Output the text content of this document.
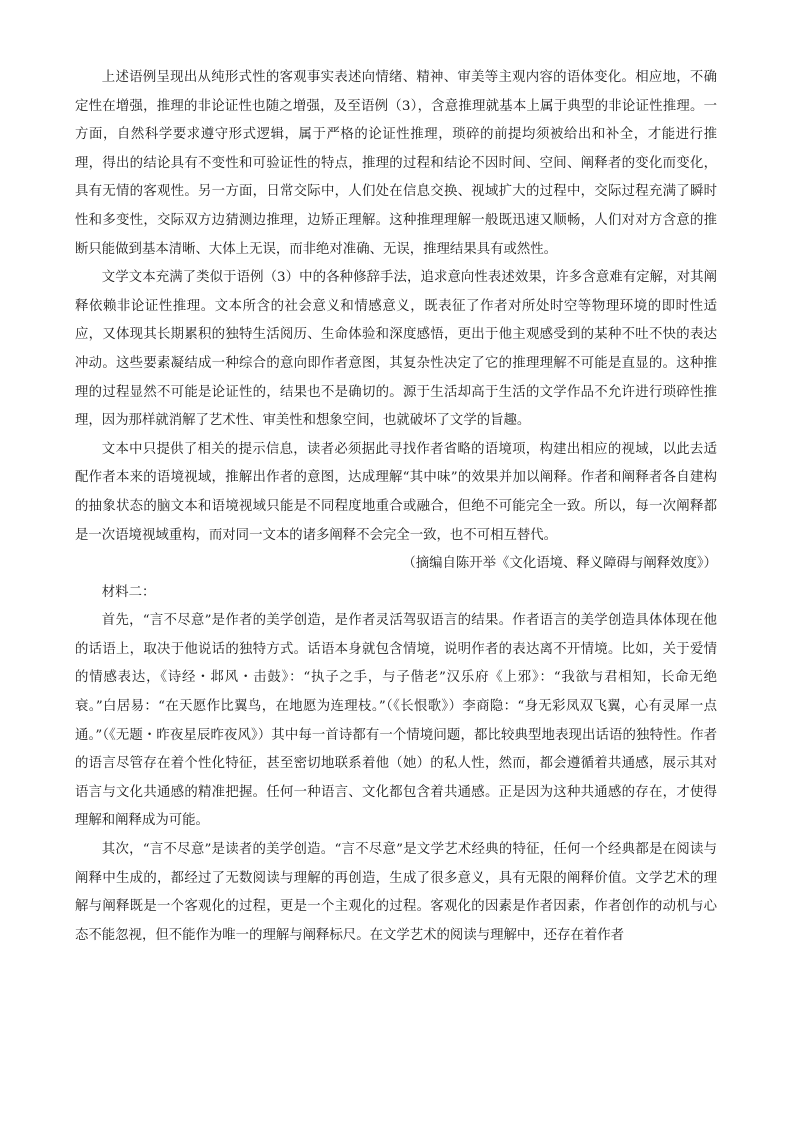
上述语例呈现出从纯形式性的客观事实表述向情绪、精神、审美等主观内容的语体变化。相应地，不确定性在增强，推理的非论证性也随之增强，及至语例（3），含意推理就基本上属于典型的非论证性推理。一方面，自然科学要求遵守形式逻辑，属于严格的论证性推理，琐碎的前提均须被给出和补全，才能进行推理，得出的结论具有不变性和可验证性的特点，推理的过程和结论不因时间、空间、阐释者的变化而变化，具有无情的客观性。另一方面，日常交际中，人们处在信息交换、视域扩大的过程中，交际过程充满了瞬时性和多变性，交际双方边猜测边推理，边矫正理解。这种推理理解一般既迅速又顺畅，人们对对方含意的推断只能做到基本清晰、大体上无误，而非绝对准确、无误，推理结果具有或然性。

文学文本充满了类似于语例（3）中的各种修辞手法，追求意向性表述效果，许多含意难有定解，对其阐释依赖非论证性推理。文本所含的社会意义和情感意义，既表征了作者对所处时空等物理环境的即时性适应，又体现其长期累积的独特生活阅历、生命体验和深度感悟，更出于他主观感受到的某种不吐不快的表达冲动。这些要素凝结成一种综合的意向即作者意图，其复杂性决定了它的推理理解不可能是直显的。这种推理的过程显然不可能是论证性的，结果也不是确切的。源于生活却高于生活的文学作品不允许进行琐碎性推理，因为那样就消解了艺术性、审美性和想象空间，也就破坏了文学的旨趣。

文本中只提供了相关的提示信息，读者必须据此寻找作者省略的语境项，构建出相应的视域，以此去适配作者本来的语境视域，推解出作者的意图，达成理解“其中味”的效果并加以阐释。作者和阐释者各自建构的抽象状态的脑文本和语境视域只能是不同程度地重合或融合，但绝不可能完全一致。所以，每一次阐释都是一次语境视域重构，而对同一文本的诸多阐释不会完全一致，也不可相互替代。

（摘编自陈开举《文化语境、释义障碍与阐释效度》）

材料二：

首先，“言不尽意”是作者的美学创造，是作者灵活驾驭语言的结果。作者语言的美学创造具体体现在他的话语上，取决于他说话的独特方式。话语本身就包含情境，说明作者的表达离不开情境。比如，关于爱情的情感表达，《诗经・邶风・击鼓》：“执子之手，与子偕老”汉乐府《上邪》：“我欲与君相知，长命无绝衰。”白居易：“在天愿作比翼鸟，在地愿为连理枝。”（《长恨歌》）李商隐：“身无彩凤双飞翼，心有灵犀一点通。”（《无题・昨夜星辰昨夜风》）其中每一首诗都有一个情境问题，都比较典型地表现出话语的独特性。作者的语言尽管存在着个性化特征，甚至密切地联系着他（她）的私人性，然而，都会遵循着共通感，展示其对语言与文化共通感的精准把握。任何一种语言、文化都包含着共通感。正是因为这种共通感的存在，才使得理解和阐释成为可能。

其次，“言不尽意”是读者的美学创造。“言不尽意”是文学艺术经典的特征，任何一个经典都是在阅读与阐释中生成的，都经过了无数阅读与理解的再创造，生成了很多意义，具有无限的阐释价值。文学艺术的理解与阐释既是一个客观化的过程，更是一个主观化的过程。客观化的因素是作者因素，作者创作的动机与心态不能忽视，但不能作为唯一的理解与阐释标尺。在文学艺术的阅读与理解中，还存在着作者
